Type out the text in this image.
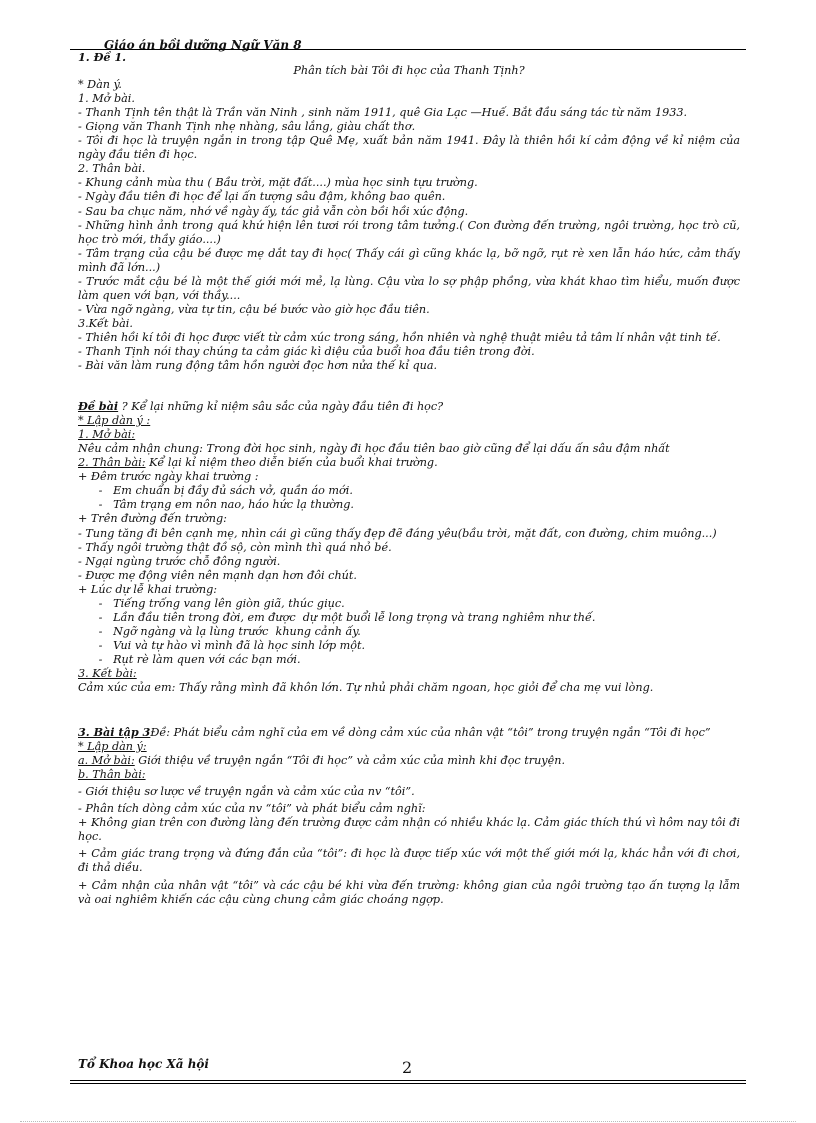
Giáo án bồi dưỡng Ngữ Văn 8

1. Đề 1.

Phân tích bài Tôi đi học của Thanh Tịnh?

* Dàn ý.

1. Mở bài.

- Thanh Tịnh tên thật là Trần văn Ninh , sinh năm 1911, quê Gia Lạc —Huế. Bắt đầu sáng tác từ năm 1933.

- Giọng văn Thanh Tịnh nhẹ nhàng, sâu lắng, giàu chất thơ.

- Tôi đi học là truyện ngắn in trong tập Quê Mẹ, xuất bản năm 1941. Đây là thiên hồi kí cảm động về kỉ niệm của ngày đầu tiên đi học.

2. Thân bài.

- Khung cảnh mùa thu ( Bầu trời, mặt đất....) mùa học sinh tựu trường.

- Ngày đầu tiên đi học để lại ấn tượng sâu đậm, không bao quên.

- Sau ba chục năm, nhớ về ngày ấy, tác giả vẫn còn bồi hồi xúc động.

- Những hình ảnh trong quá khứ hiện lên tươi rói trong tâm tưởng.( Con đường đến trường, ngôi trường, học trò cũ, học trò mới, thầy giáo....)

- Tâm trạng của cậu bé được mẹ dắt tay đi học( Thấy cái gì cũng khác lạ, bỡ ngỡ, rụt rè xen lẫn háo hức, cảm thấy mình đã lớn...)

- Trước mắt cậu bé là một thế giới mới mẻ, lạ lùng. Cậu vừa lo sợ phập phồng, vừa khát khao tìm hiểu, muốn được làm quen với bạn, với thầy....

- Vừa ngỡ ngàng, vừa tự tin, cậu bé bước vào giờ học đầu tiên.

3.Kết bài.

- Thiên hồi kí tôi đi học được viết từ cảm xúc trong sáng, hồn nhiên và nghệ thuật miêu tả tâm lí nhân vật tinh tế.

- Thanh Tịnh nói thay chúng ta cảm giác kì diệu của buổi hoa đầu tiên trong đời.

- Bài văn làm rung động tâm hồn người đọc hơn nửa thế kỉ qua.

Đề bài ? Kể lại những kỉ niệm sâu sắc của ngày đầu tiên đi học?

* Lập dàn ý :

1. Mở bài:

Nêu cảm nhận chung: Trong đời học sinh, ngày đi học đầu tiên bao giờ cũng để lại dấu ấn sâu đậm nhất

2. Thân bài: Kể lại kỉ niệm theo diễn biến của buổi khai trường.

+ Đêm trước ngày khai trường :

-   Em chuẩn bị đầy đủ sách vở, quần áo mới.

-   Tâm trạng em nôn nao, háo hức lạ thường.

+ Trên đường đến trường:

- Tung tăng đi bên cạnh mẹ, nhìn cái gì cũng thấy đẹp đẽ đáng yêu(bầu trời, mặt đất, con đường, chim muông...)

- Thấy ngôi trường thật đồ sộ, còn mình thì quá nhỏ bé.

- Ngại ngùng trước chỗ đông người.

- Được mẹ động viên nên mạnh dạn hơn đôi chút.

+ Lúc dự lễ khai trường:

-   Tiếng trống vang lên giòn giã, thúc giục.

-   Lần đầu tiên trong đời, em được  dự một buổi lễ long trọng và trang nghiêm như thế.

-   Ngỡ ngàng và lạ lùng trước  khung cảnh ấy.

-   Vui và tự hào vì mình đã là học sinh lớp một.

-   Rụt rè làm quen với các bạn mới.

3. Kết bài:

Cảm xúc của em: Thấy rằng mình đã khôn lớn. Tự nhủ phải chăm ngoan, học giỏi để cha mẹ vui lòng.

3. Bài tập 3Đề: Phát biểu cảm nghĩ của em về dòng cảm xúc của nhân vật “tôi” trong truyện ngắn “Tôi đi học”

* Lập dàn ý:

a. Mở bài: Giới thiệu về truyện ngắn “Tôi đi học” và cảm xúc của mình khi đọc truyện.

b. Thân bài:

- Giới thiệu sơ lược về truyện ngắn và cảm xúc của nv “tôi”.

- Phân tích dòng cảm xúc của nv “tôi” và phát biểu cảm nghĩ:

+ Không gian trên con đường làng đến trường được cảm nhận có nhiều khác lạ. Cảm giác thích thú vì hôm nay tôi đi học.

+ Cảm giác trang trọng và đứng đắn của “tôi”: đi học là được tiếp xúc với một thế giới mới lạ, khác hẳn với đi chơi, đi thả diều.

+ Cảm nhận của nhân vật “tôi” và các cậu bé khi vừa đến trường: không gian của ngôi trường tạo ấn tượng lạ lẫm và oai nghiêm khiến các cậu cùng chung cảm giác choáng ngợp.

Tổ Khoa học Xã hội	2
